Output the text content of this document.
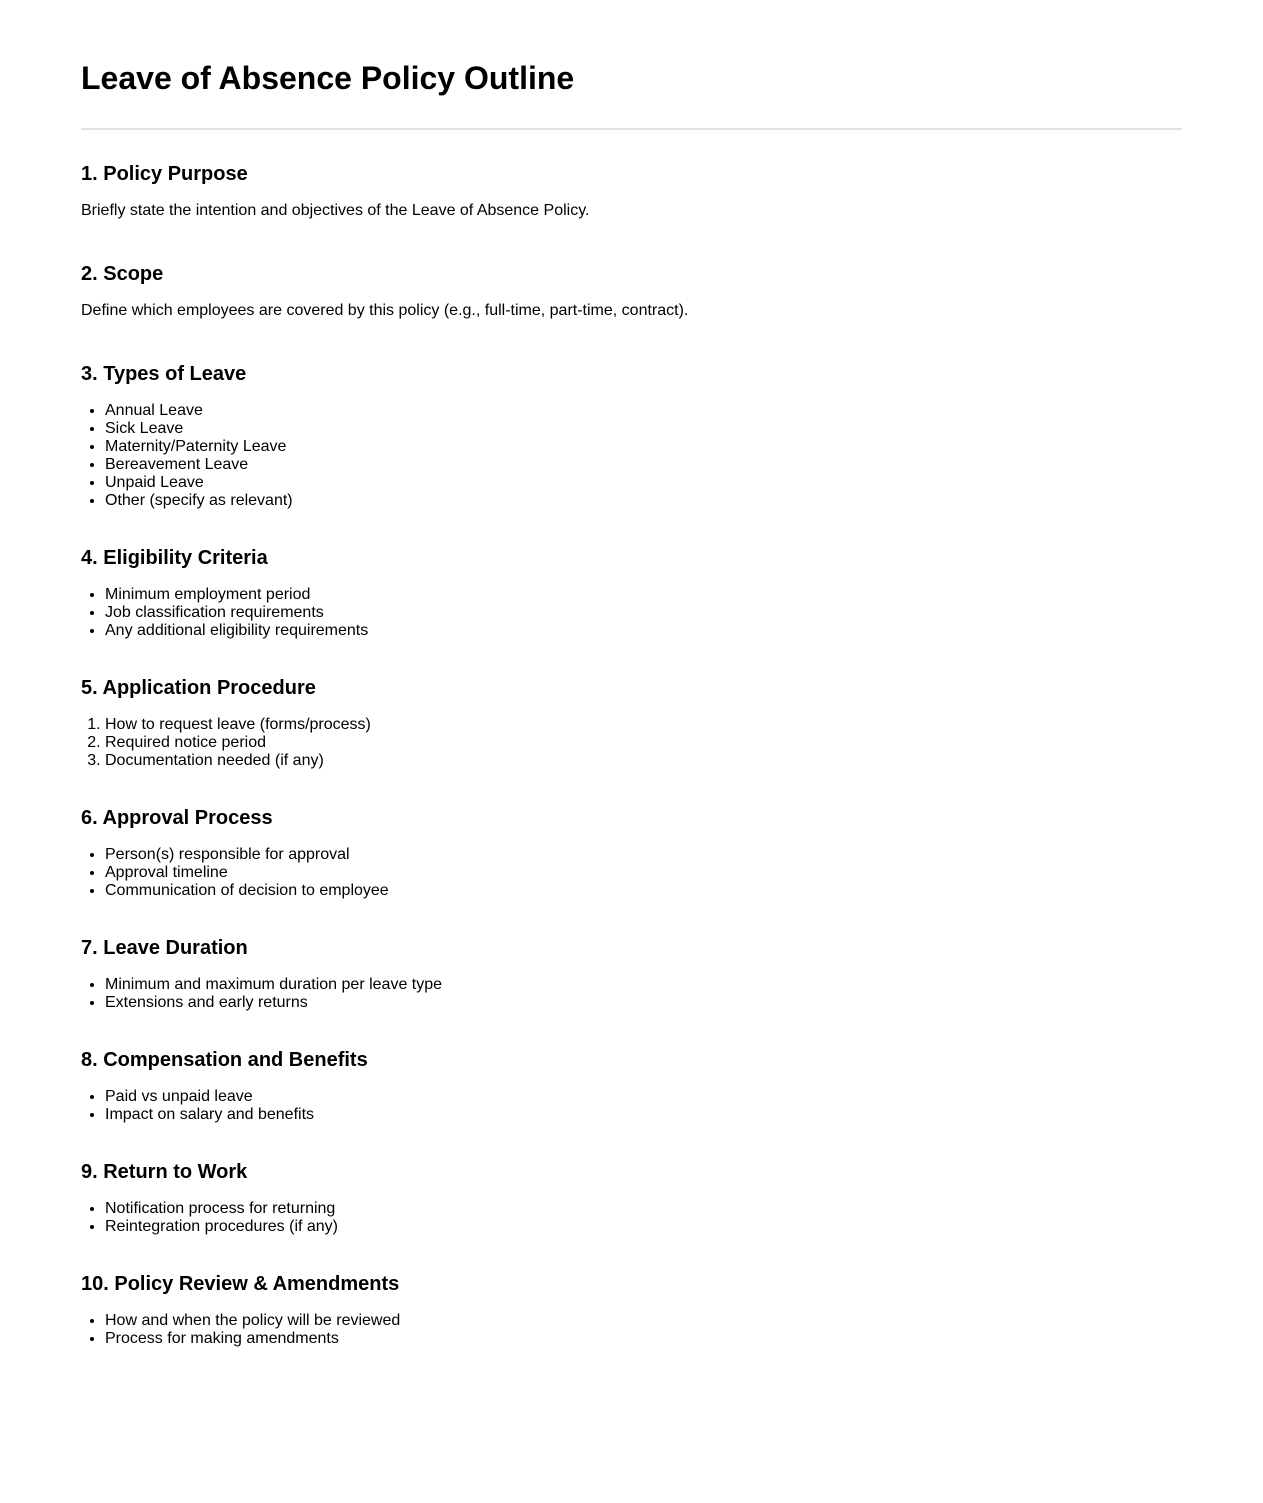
Leave of Absence Policy Outline
1. Policy Purpose

Briefly state the intention and objectives of the Leave of Absence Policy.

2. Scope

Define which employees are covered by this policy (e.g., full-time, part-time, contract).

3. Types of Leave
• Annual Leave
• Sick Leave
• Maternity/Paternity Leave
• Bereavement Leave
• Unpaid Leave
• Other (specify as relevant)
4. Eligibility Criteria
• Minimum employment period
• Job classification requirements
• Any additional eligibility requirements
5. Application Procedure
1. How to request leave (forms/process)
2. Required notice period
3. Documentation needed (if any)
6. Approval Process
• Person(s) responsible for approval
• Approval timeline
• Communication of decision to employee
7. Leave Duration
• Minimum and maximum duration per leave type
• Extensions and early returns
8. Compensation and Benefits
• Paid vs unpaid leave
• Impact on salary and benefits
9. Return to Work
• Notification process for returning
• Reintegration procedures (if any)
10. Policy Review & Amendments
• How and when the policy will be reviewed
• Process for making amendments
